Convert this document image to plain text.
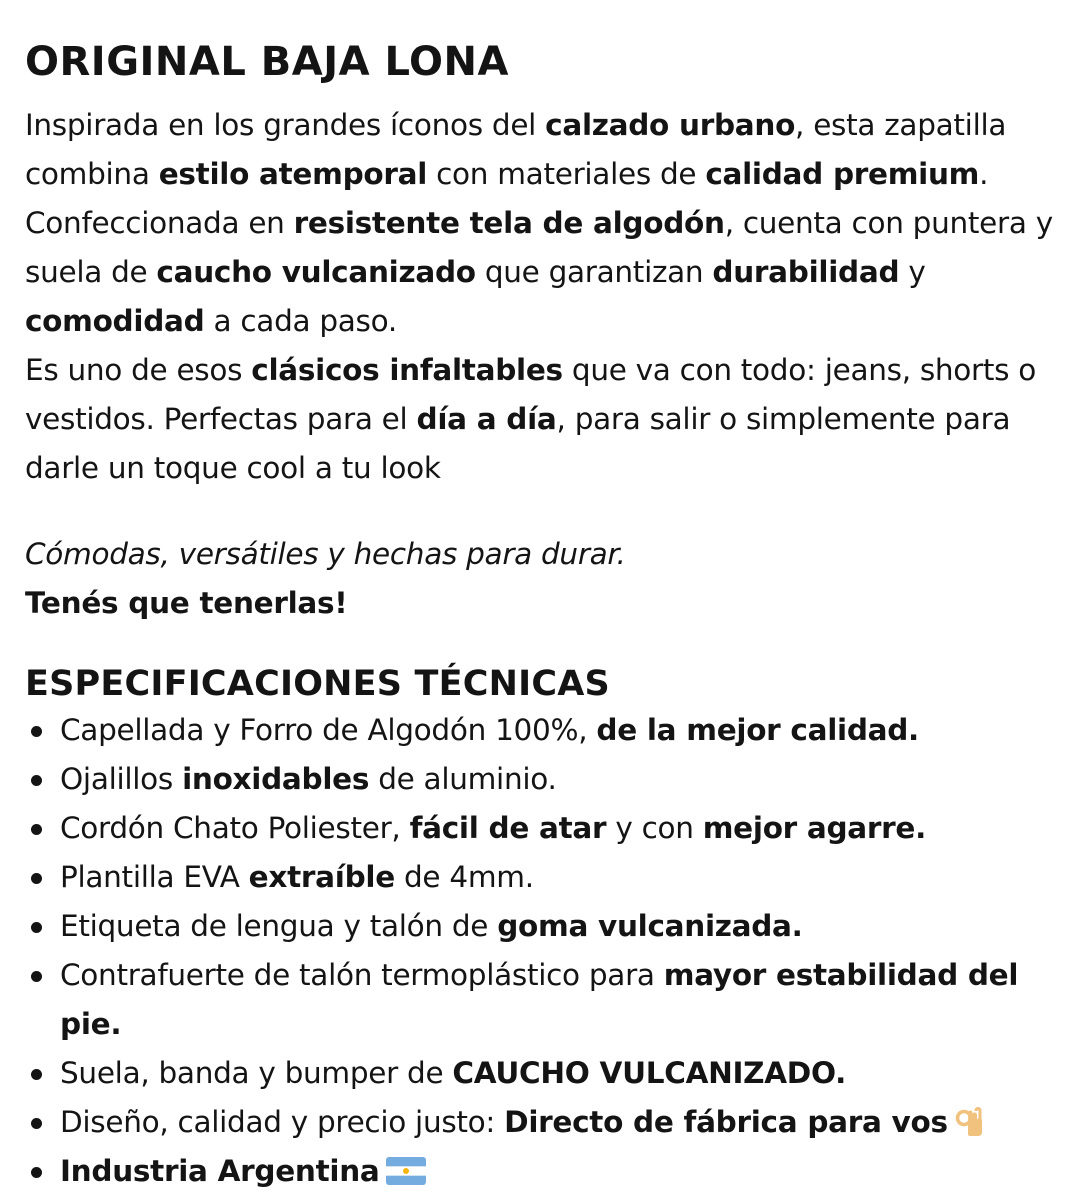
ORIGINAL BAJA LONA

Inspirada en los grandes íconos del calzado urbano, esta zapatilla combina estilo atemporal con materiales de calidad premium.

Confeccionada en resistente tela de algodón, cuenta con puntera y suela de caucho vulcanizado que garantizan durabilidad y comodidad a cada paso.

Es uno de esos clásicos infaltables que va con todo: jeans, shorts o vestidos. Perfectas para el día a día, para salir o simplemente para darle un toque cool a tu look

Cómodas, versátiles y hechas para durar.
Tenés que tenerlas!
ESPECIFICACIONES TÉCNICAS
Capellada y Forro de Algodón 100%, de la mejor calidad.
Ojalillos inoxidables de aluminio.
Cordón Chato Poliester, fácil de atar y con mejor agarre.
Plantilla EVA extraíble de 4mm.
Etiqueta de lengua y talón de goma vulcanizada.
Contrafuerte de talón termoplástico para mayor estabilidad del pie.
Suela, banda y bumper de CAUCHO VULCANIZADO.
Diseño, calidad y precio justo: Directo de fábrica para vos
Industria Argentina
